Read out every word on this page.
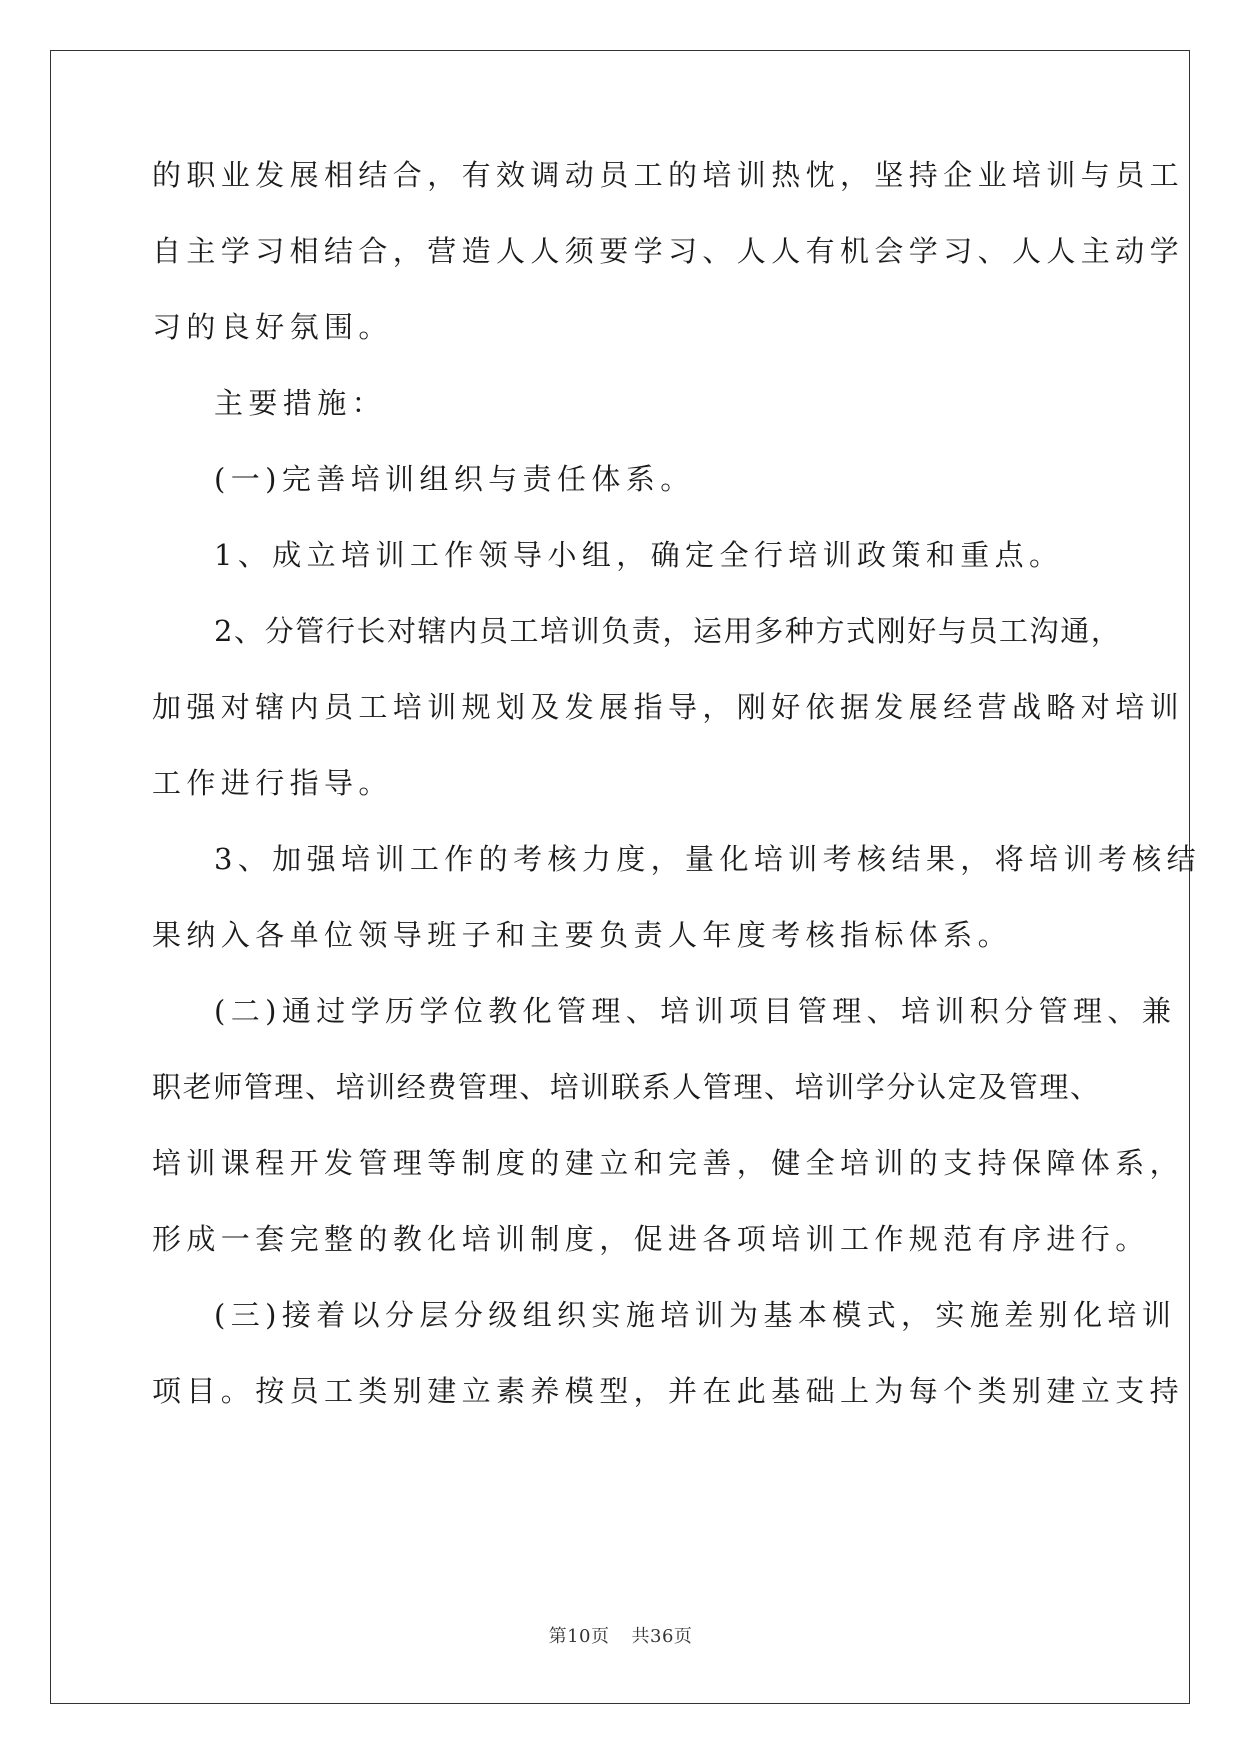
的职业发展相结合，有效调动员工的培训热忱，坚持企业培训与员工
自主学习相结合，营造人人须要学习、人人有机会学习、人人主动学
习的良好氛围。
主要措施：
(一)完善培训组织与责任体系。
1、成立培训工作领导小组，确定全行培训政策和重点。
2、分管行长对辖内员工培训负责，运用多种方式刚好与员工沟通，
加强对辖内员工培训规划及发展指导，刚好依据发展经营战略对培训
工作进行指导。
3、加强培训工作的考核力度，量化培训考核结果，将培训考核结
果纳入各单位领导班子和主要负责人年度考核指标体系。
(二)通过学历学位教化管理、培训项目管理、培训积分管理、兼
职老师管理、培训经费管理、培训联系人管理、培训学分认定及管理、
培训课程开发管理等制度的建立和完善，健全培训的支持保障体系，
形成一套完整的教化培训制度，促进各项培训工作规范有序进行。
(三)接着以分层分级组织实施培训为基本模式，实施差别化培训
项目。按员工类别建立素养模型，并在此基础上为每个类别建立支持
第10页 共36页
